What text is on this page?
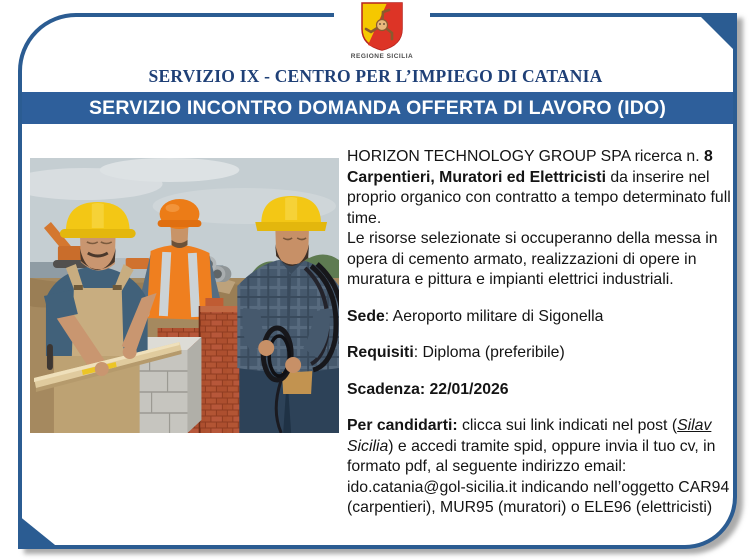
REGIONE SICILIA
SERVIZIO IX - CENTRO PER L’IMPIEGO DI CATANIA
SERVIZIO INCONTRO DOMANDA OFFERTA DI LAVORO (IDO)

HORIZON TECHNOLOGY GROUP SPA ricerca n. 8 Carpentieri, Muratori ed Elettricisti da inserire nel proprio organico con contratto a tempo determinato full time.
Le risorse selezionate si occuperanno della messa in opera di cemento armato, realizzazioni di opere in muratura e pittura e impianti elettrici industriali.

Sede: Aeroporto militare di Sigonella

Requisiti: Diploma (preferibile)

Scadenza: 22/01/2026

Per candidarti: clicca sui link indicati nel post (Silav Sicilia) e accedi tramite spid, oppure invia il tuo cv, in formato pdf, al seguente indirizzo email: ido.catania@gol-sicilia.it indicando nell’oggetto CAR94 (carpentieri), MUR95 (muratori) o ELE96 (elettricisti)
